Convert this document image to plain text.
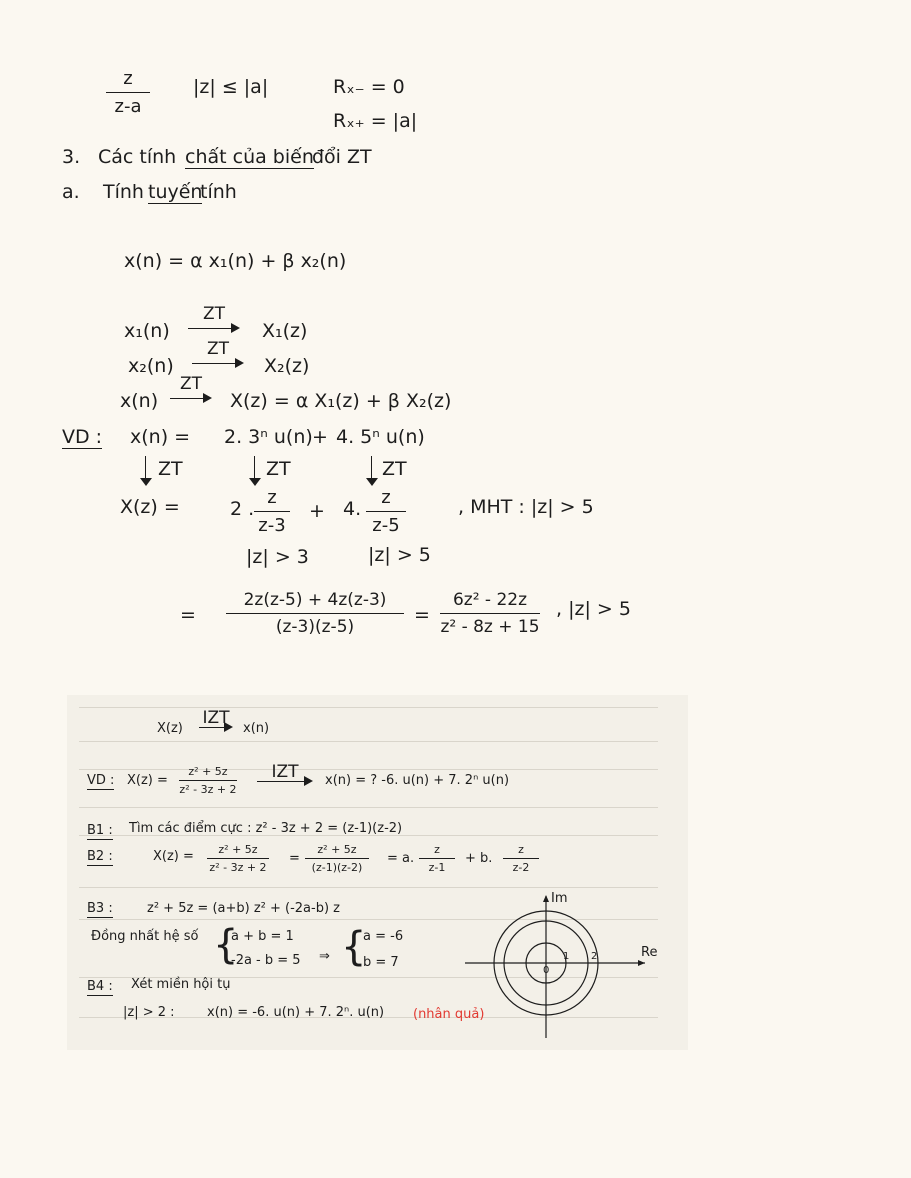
z
z-a
|z| ≤ |a|	Rₓ₋ = 0
Rₓ₊ = |a|
3. Các tính chất của biến
đổi ZT
a. Tính tuyến
tính
x(n) = α x₁(n) + β x₂(n)
x₁(n)
ZT
X₁(z)
x₂(n)
ZT
X₂(z)
x(n)
ZT
X(z) = α X₁(z) + β X₂(z)
VD : x(n) = 2. 3ⁿ u(n) + 4. 5ⁿ u(n)
ZT	ZT	ZT
X(z) =	2 .
z
z-3
+ 4.
z
z-5
, MHT : |z| > 5
|z| > 3	|z| > 5
=
2z(z-5) + 4z(z-3)
(z-3)(z-5)
=
6z² - 22z
z² - 8z + 15
, |z| > 5
X(z)
IZT
x(n)
VD : X(z) =
z² + 5z
z² - 3z + 2
IZT	x(n) = ? -6. u(n) + 7. 2ⁿ u(n)
B1 : Tìm các điểm cực : z² - 3z + 2 = (z-1)(z-2)
B2 :	X(z) =	z² + 5z
z² - 3z + 2
=
z² + 5z
(z-1)(z-2)
= a.
z
z-1
+ b.
z
z-2
B3 :	z² + 5z = (a+b) z² + (-2a-b) z
Đồng nhất hệ số {
a + b = 1
-2a - b = 5 ⇒ {
a = -6
b = 7
B4 : Xét miền hội tụ
|z| > 2 : x(n) = -6. u(n) + 7. 2ⁿ. u(n) (nhân quả)
Im
Re
0
1 2
